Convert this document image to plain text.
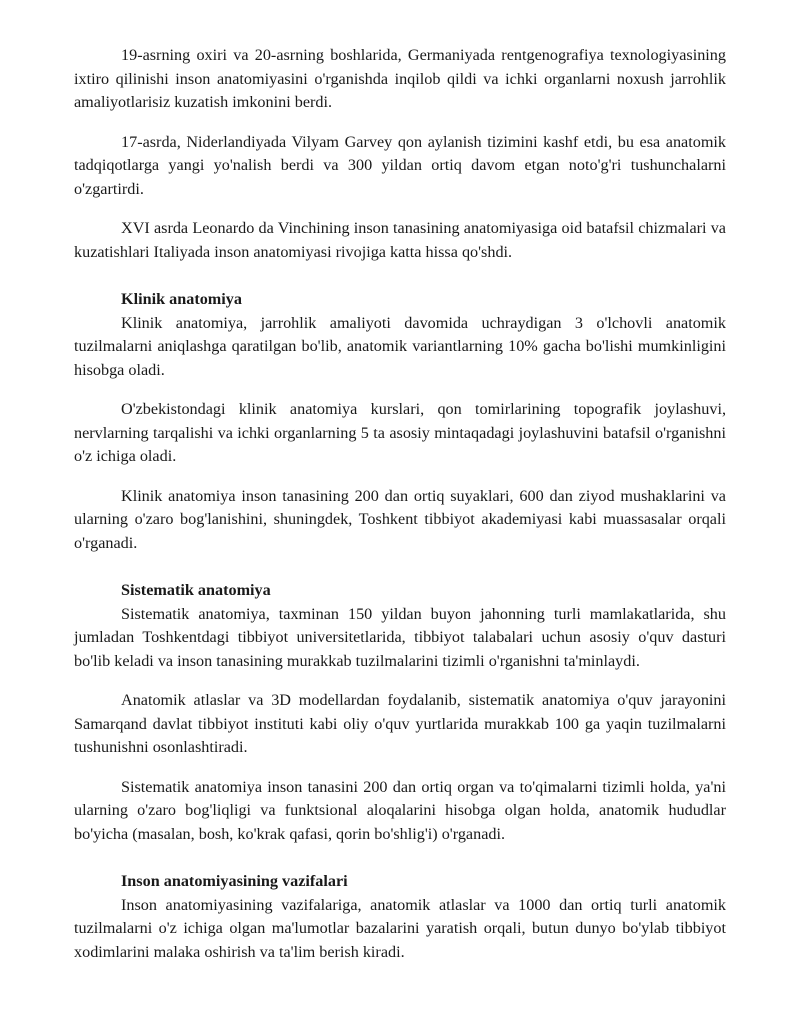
19-asrning oxiri va 20-asrning boshlarida, Germaniyada rentgenografiya texnologiyasining ixtiro qilinishi inson anatomiyasini o'rganishda inqilob qildi va ichki organlarni noxush jarrohlik amaliyotlarisiz kuzatish imkonini berdi.

17-asrda, Niderlandiyada Vilyam Garvey qon aylanish tizimini kashf etdi, bu esa anatomik tadqiqotlarga yangi yo'nalish berdi va 300 yildan ortiq davom etgan noto'g'ri tushunchalarni o'zgartirdi.

XVI asrda Leonardo da Vinchining inson tanasining anatomiyasiga oid batafsil chizmalari va kuzatishlari Italiyada inson anatomiyasi rivojiga katta hissa qo'shdi.

Klinik anatomiya

Klinik anatomiya, jarrohlik amaliyoti davomida uchraydigan 3 o'lchovli anatomik tuzilmalarni aniqlashga qaratilgan bo'lib, anatomik variantlarning 10% gacha bo'lishi mumkinligini hisobga oladi.

O'zbekistondagi klinik anatomiya kurslari, qon tomirlarining topografik joylashuvi, nervlarning tarqalishi va ichki organlarning 5 ta asosiy mintaqadagi joylashuvini batafsil o'rganishni o'z ichiga oladi.

Klinik anatomiya inson tanasining 200 dan ortiq suyaklari, 600 dan ziyod mushaklarini va ularning o'zaro bog'lanishini, shuningdek, Toshkent tibbiyot akademiyasi kabi muassasalar orqali o'rganadi.

Sistematik anatomiya

Sistematik anatomiya, taxminan 150 yildan buyon jahonning turli mamlakatlarida, shu jumladan Toshkentdagi tibbiyot universitetlarida, tibbiyot talabalari uchun asosiy o'quv dasturi bo'lib keladi va inson tanasining murakkab tuzilmalarini tizimli o'rganishni ta'minlaydi.

Anatomik atlaslar va 3D modellardan foydalanib, sistematik anatomiya o'quv jarayonini Samarqand davlat tibbiyot instituti kabi oliy o'quv yurtlarida murakkab 100 ga yaqin tuzilmalarni tushunishni osonlashtiradi.

Sistematik anatomiya inson tanasini 200 dan ortiq organ va to'qimalarni tizimli holda, ya'ni ularning o'zaro bog'liqligi va funktsional aloqalarini hisobga olgan holda, anatomik hududlar bo'yicha (masalan, bosh, ko'krak qafasi, qorin bo'shlig'i) o'rganadi.

Inson anatomiyasining vazifalari

Inson anatomiyasining vazifalariga, anatomik atlaslar va 1000 dan ortiq turli anatomik tuzilmalarni o'z ichiga olgan ma'lumotlar bazalarini yaratish orqali, butun dunyo bo'ylab tibbiyot xodimlarini malaka oshirish va ta'lim berish kiradi.
